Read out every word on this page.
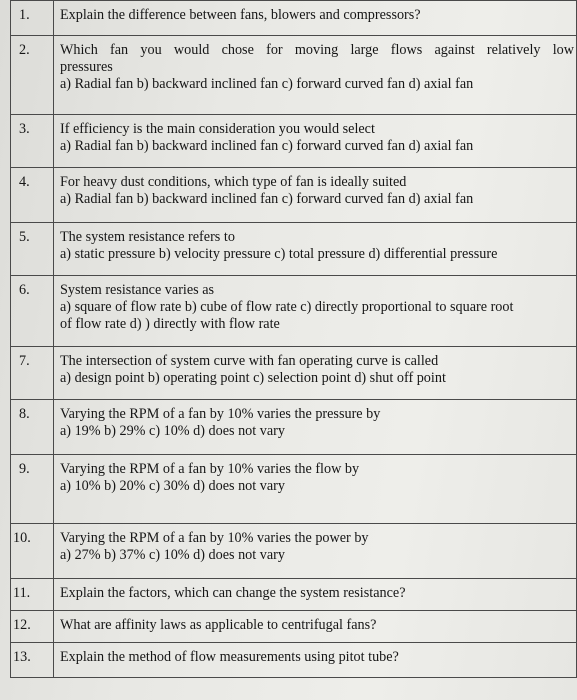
1.	Explain the difference between fans, blowers and compressors?

2.	Which fan you would chose for moving large flows against relatively low
pressures
a) Radial fan b) backward inclined fan c) forward curved fan d) axial fan

3.	If efficiency is the main consideration you would select
a) Radial fan b) backward inclined fan c) forward curved fan d) axial fan

4.	For heavy dust conditions, which type of fan is ideally suited
a) Radial fan b) backward inclined fan c) forward curved fan d) axial fan

5.	The system resistance refers to
a) static pressure b) velocity pressure c) total pressure d) differential pressure

6.	System resistance varies as
a) square of flow rate b) cube of flow rate c) directly proportional to square root
of flow rate d) ) directly with flow rate

7.	The intersection of system curve with fan operating curve is called
a) design point b) operating point c) selection point d) shut off point

8.	Varying the RPM of a fan by 10% varies the pressure by
a) 19% b) 29% c) 10% d) does not vary

9.	Varying the RPM of a fan by 10% varies the flow by
a) 10% b) 20% c) 30% d) does not vary

10.	Varying the RPM of a fan by 10% varies the power by
a) 27% b) 37% c) 10% d) does not vary

11.	Explain the factors, which can change the system resistance?

12.	What are affinity laws as applicable to centrifugal fans?

13.	Explain the method of flow measurements using pitot tube?
